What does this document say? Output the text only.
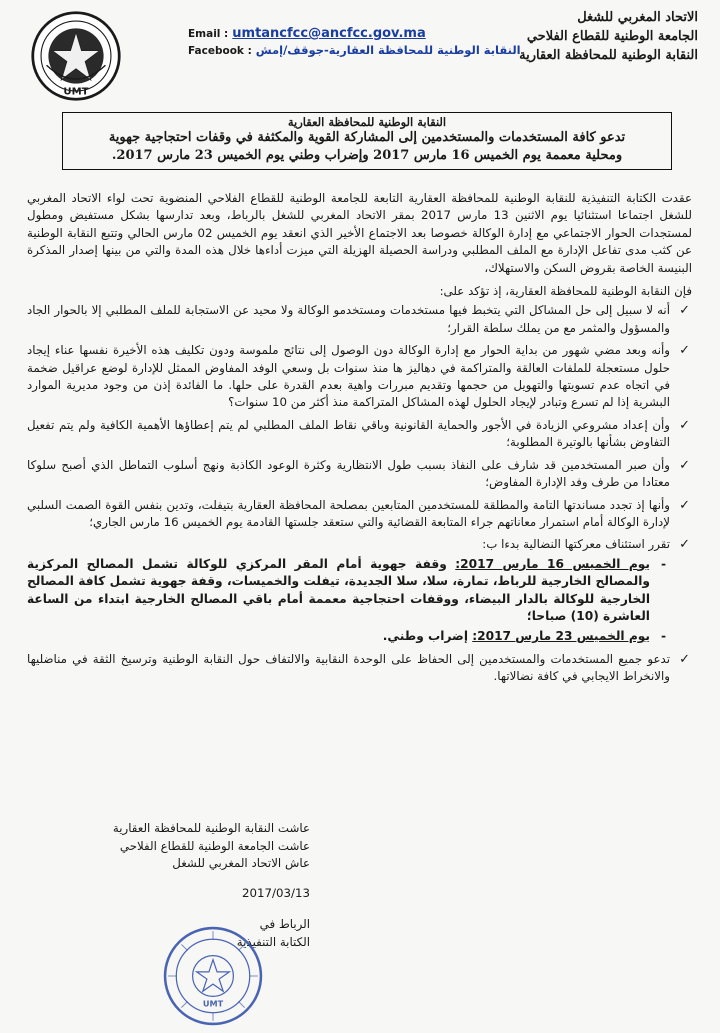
الاتحاد المغربي للشغل
الجامعة الوطنية للقطاع الفلاحي
النقابة الوطنية للمحافظة العقارية
Email : umtancfcc@ancfcc.gov.ma
Facebook : النقابة الوطنية للمحافظة العقارية-جوقف/إمش
UMT
النقابة الوطنية للمحافظة العقارية
تدعو كافة المستخدمات والمستخدمين إلى المشاركة القوية والمكثفة في وقفات احتجاجية جهوية
ومحلية معممة يوم الخميس 16 مارس 2017 وإضراب وطني يوم الخميس 23 مارس 2017.

عقدت الكتابة التنفيذية للنقابة الوطنية للمحافظة العقارية التابعة للجامعة الوطنية للقطاع الفلاحي المنضوية تحت لواء الاتحاد المغربي للشغل اجتماعا استثنائيا يوم الاثنين 13 مارس 2017 بمقر الاتحاد المغربي للشغل بالرباط، وبعد تدارسها بشكل مستفيض ومطول لمستجدات الحوار الاجتماعي مع إدارة الوكالة خصوصا بعد الاجتماع الأخير الذي انعقد يوم الخميس 02 مارس الحالي وتتبع النقابة الوطنية عن كثب مدى تفاعل الإدارة مع الملف المطلبي ودراسة الحصيلة الهزيلة التي ميزت أداءها خلال هذه المدة والتي من بينها إصدار المذكرة البنيسة الخاصة بقروض السكن والاستهلاك،

فإن النقابة الوطنية للمحافظة العقارية، إذ تؤكد على:

✓
أنه لا سبيل إلى حل المشاكل التي يتخبط فيها مستخدمات ومستخدمو الوكالة ولا محيد عن الاستجابة للملف المطلبي إلا بالحوار الجاد والمسؤول والمثمر مع من يملك سلطة القرار؛
✓
وأنه وبعد مضي شهور من بداية الحوار مع إدارة الوكالة دون الوصول إلى نتائج ملموسة ودون تكليف هذه الأخيرة نفسها عناء إيجاد حلول مستعجلة للملفات العالقة والمتراكمة في دهاليز ها منذ سنوات بل وسعي الوفد المفاوض الممثل للإدارة لوضع عراقيل ضخمة في اتجاه عدم تسويتها والتهويل من حجمها وتقديم مبررات واهية بعدم القدرة على حلها. ما الفائدة إذن من وجود مديرية الموارد البشرية إذا لم تسرع وتبادر لإيجاد الحلول لهذه المشاكل المتراكمة منذ أكثر من 10 سنوات؟
✓
وأن إعداد مشروعي الزيادة في الأجور والحماية القانونية وباقي نقاط الملف المطلبي لم يتم إعطاؤها الأهمية الكافية ولم يتم تفعيل التفاوض بشأنها بالوتيرة المطلوبة؛
✓
وأن صبر المستخدمين قد شارف على النفاذ بسبب طول الانتظارية وكثرة الوعود الكاذبة ونهج أسلوب التماطل الذي أصبح سلوكا معتادا من طرف وفد الإدارة المفاوض؛
✓
وأنها إذ تجدد مساندتها التامة والمطلقة للمستخدمين المتابعين بمصلحة المحافظة العقارية بتيفلت، وتدين بنفس القوة الصمت السلبي لإدارة الوكالة أمام استمرار معاناتهم جراء المتابعة القضائية والتي ستعقد جلستها القادمة يوم الخميس 16 مارس الجاري؛
✓
تقرر استئناف معركتها النضالية بدءا ب:
-
يوم الخميس 16 مارس 2017: وقفة جهوية أمام المقر المركزي للوكالة تشمل المصالح المركزية والمصالح الخارجية للرباط، تمارة، سلا، سلا الجديدة، تيفلت والخميسات، وقفة جهوية تشمل كافة المصالح الخارجية للوكالة بالدار البيضاء، ووقفات احتجاجية معممة أمام باقي المصالح الخارجية ابتداء من الساعة العاشرة (10) صباحا؛
-
يوم الخميس 23 مارس 2017: إضراب وطني.
✓
تدعو جميع المستخدمات والمستخدمين إلى الحفاظ على الوحدة النقابية والالتفاف حول النقابة الوطنية وترسيخ الثقة في مناضليها والانخراط الايجابي في كافة نضالاتها.
عاشت النقابة الوطنية للمحافظة العقارية
عاشت الجامعة الوطنية للقطاع الفلاحي
عاش الاتحاد المغربي للشغل
2017/03/13
الرباط في
الكتابة التنفيذية
UMT
